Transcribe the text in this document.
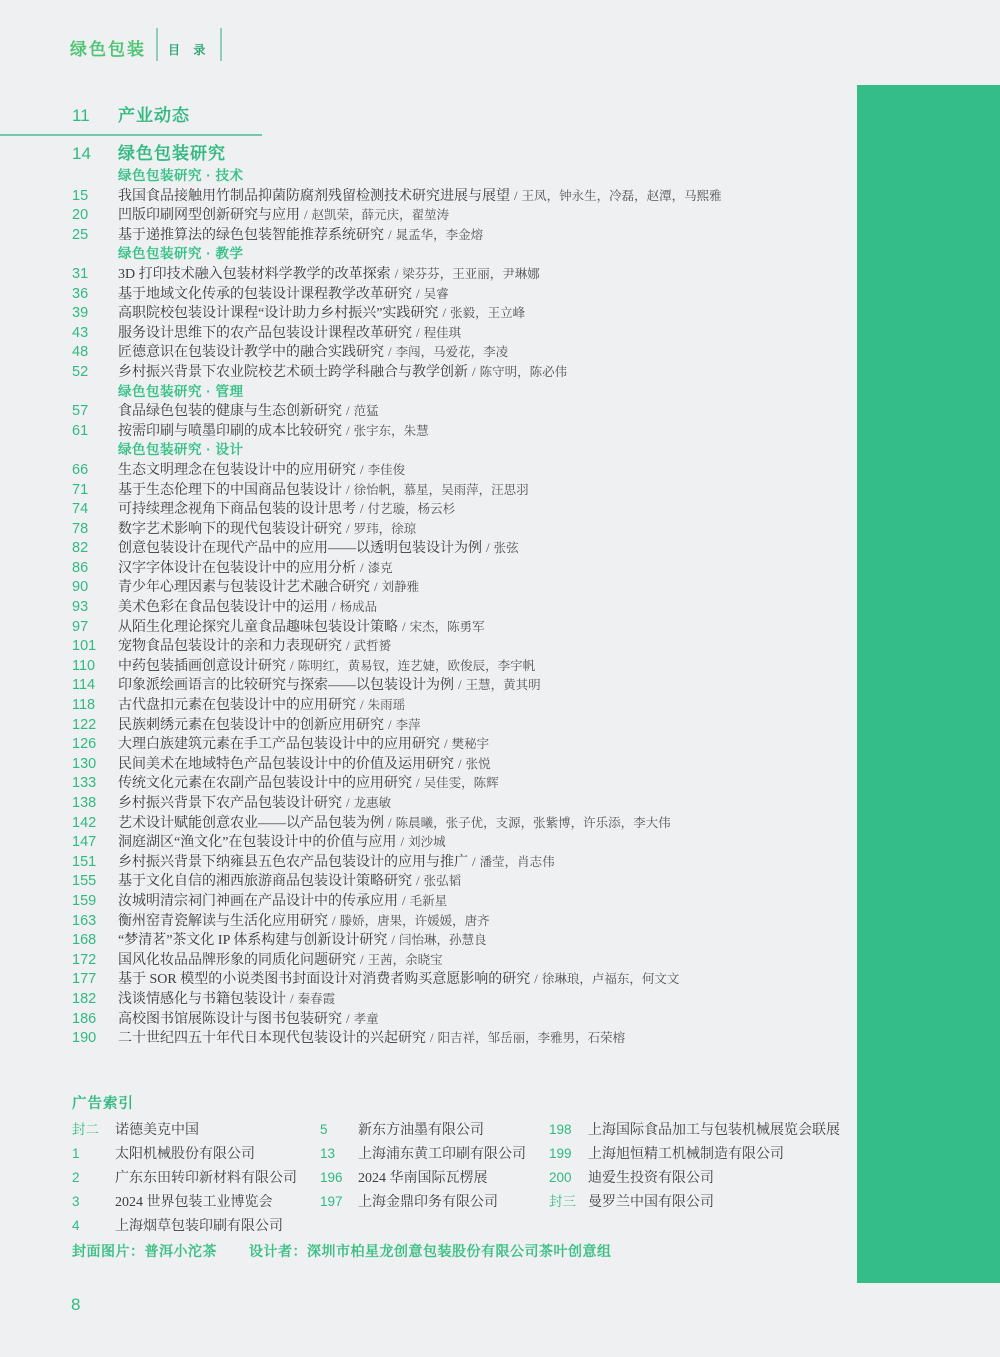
绿色包装 目 录
11	产业动态
14	绿色包装研究
绿色包装研究 · 技术
15	我国食品接触用竹制品抑菌防腐剂残留检测技术研究进展与展望 / 王凤，钟永生，冷磊，赵潭，马熙雅
20	凹版印刷网型创新研究与应用 / 赵凯荣，薛元庆，翟堃涛
25	基于递推算法的绿色包装智能推荐系统研究 / 晁孟华，李金熔
绿色包装研究 · 教学
31	3D 打印技术融入包装材料学教学的改革探索 / 梁芬芬，王亚丽，尹琳娜
36	基于地域文化传承的包装设计课程教学改革研究 / 吴睿
39	高职院校包装设计课程“设计助力乡村振兴”实践研究 / 张毅，王立峰
43	服务设计思维下的农产品包装设计课程改革研究 / 程佳琪
48	匠德意识在包装设计教学中的融合实践研究 / 李闯，马爱花，李凌
52	乡村振兴背景下农业院校艺术硕士跨学科融合与教学创新 / 陈守明，陈必伟
绿色包装研究 · 管理
57	食品绿色包装的健康与生态创新研究 / 范猛
61	按需印刷与喷墨印刷的成本比较研究 / 张宇东，朱慧
绿色包装研究 · 设计
66	生态文明理念在包装设计中的应用研究 / 李佳俊
71	基于生态伦理下的中国商品包装设计 / 徐怡帆，慕星，吴雨萍，汪思羽
74	可持续理念视角下商品包装的设计思考 / 付艺璇，杨云杉
78	数字艺术影响下的现代包装设计研究 / 罗玮，徐琼
82	创意包装设计在现代产品中的应用——以透明包装设计为例 / 张弦
86	汉字字体设计在包装设计中的应用分析 / 漆克
90	青少年心理因素与包装设计艺术融合研究 / 刘静雅
93	美术色彩在食品包装设计中的运用 / 杨成品
97	从陌生化理论探究儿童食品趣味包装设计策略 / 宋杰，陈勇军
101	宠物食品包装设计的亲和力表现研究 / 武哲赟
110	中药包装插画创意设计研究 / 陈明红，黄易钗，连艺婕，欧俊辰，李宇帆
114	印象派绘画语言的比较研究与探索——以包装设计为例 / 王慧，黄其明
118	古代盘扣元素在包装设计中的应用研究 / 朱雨瑶
122	民族刺绣元素在包装设计中的创新应用研究 / 李萍
126	大理白族建筑元素在手工产品包装设计中的应用研究 / 樊秘宇
130	民间美术在地域特色产品包装设计中的价值及运用研究 / 张悦
133	传统文化元素在农副产品包装设计中的应用研究 / 吴佳雯，陈辉
138	乡村振兴背景下农产品包装设计研究 / 龙惠敏
142	艺术设计赋能创意农业——以产品包装为例 / 陈晨曦，张子优，支源，张紫博，许乐添，李大伟
147	洞庭湖区“渔文化”在包装设计中的价值与应用 / 刘沙城
151	乡村振兴背景下纳雍县五色农产品包装设计的应用与推广 / 潘莹，肖志伟
155	基于文化自信的湘西旅游商品包装设计策略研究 / 张弘韬
159	汝城明清宗祠门神画在产品设计中的传承应用 / 毛新星
163	衡州窑青瓷解读与生活化应用研究 / 滕娇，唐果，许媛媛，唐齐
168	“梦清茗”茶文化 IP 体系构建与创新设计研究 / 闫怡琳，孙慧良
172	国风化妆品品牌形象的同质化问题研究 / 王茜，余晓宝
177	基于 SOR 模型的小说类图书封面设计对消费者购买意愿影响的研究 / 徐琳琅，卢福东，何文文
182	浅谈情感化与书籍包装设计 / 秦春霞
186	高校图书馆展陈设计与图书包装研究 / 孝童
190	二十世纪四五十年代日本现代包装设计的兴起研究 / 阳吉祥，邹岳丽，李雅男，石荣榕
广告索引
封二	诺德美克中国
1	太阳机械股份有限公司
2	广东东田转印新材料有限公司
3	2024 世界包装工业博览会
4	上海烟草包装印刷有限公司
5	新东方油墨有限公司
13	上海浦东黄工印刷有限公司
196	2024 华南国际瓦楞展
197	上海金鼎印务有限公司
198	上海国际食品加工与包装机械展览会联展
199	上海旭恒精工机械制造有限公司
200	迪爱生投资有限公司
封三 曼罗兰中国有限公司
封面图片：普洱小沱茶 设计者：深圳市柏星龙创意包装股份有限公司茶叶创意组
8
